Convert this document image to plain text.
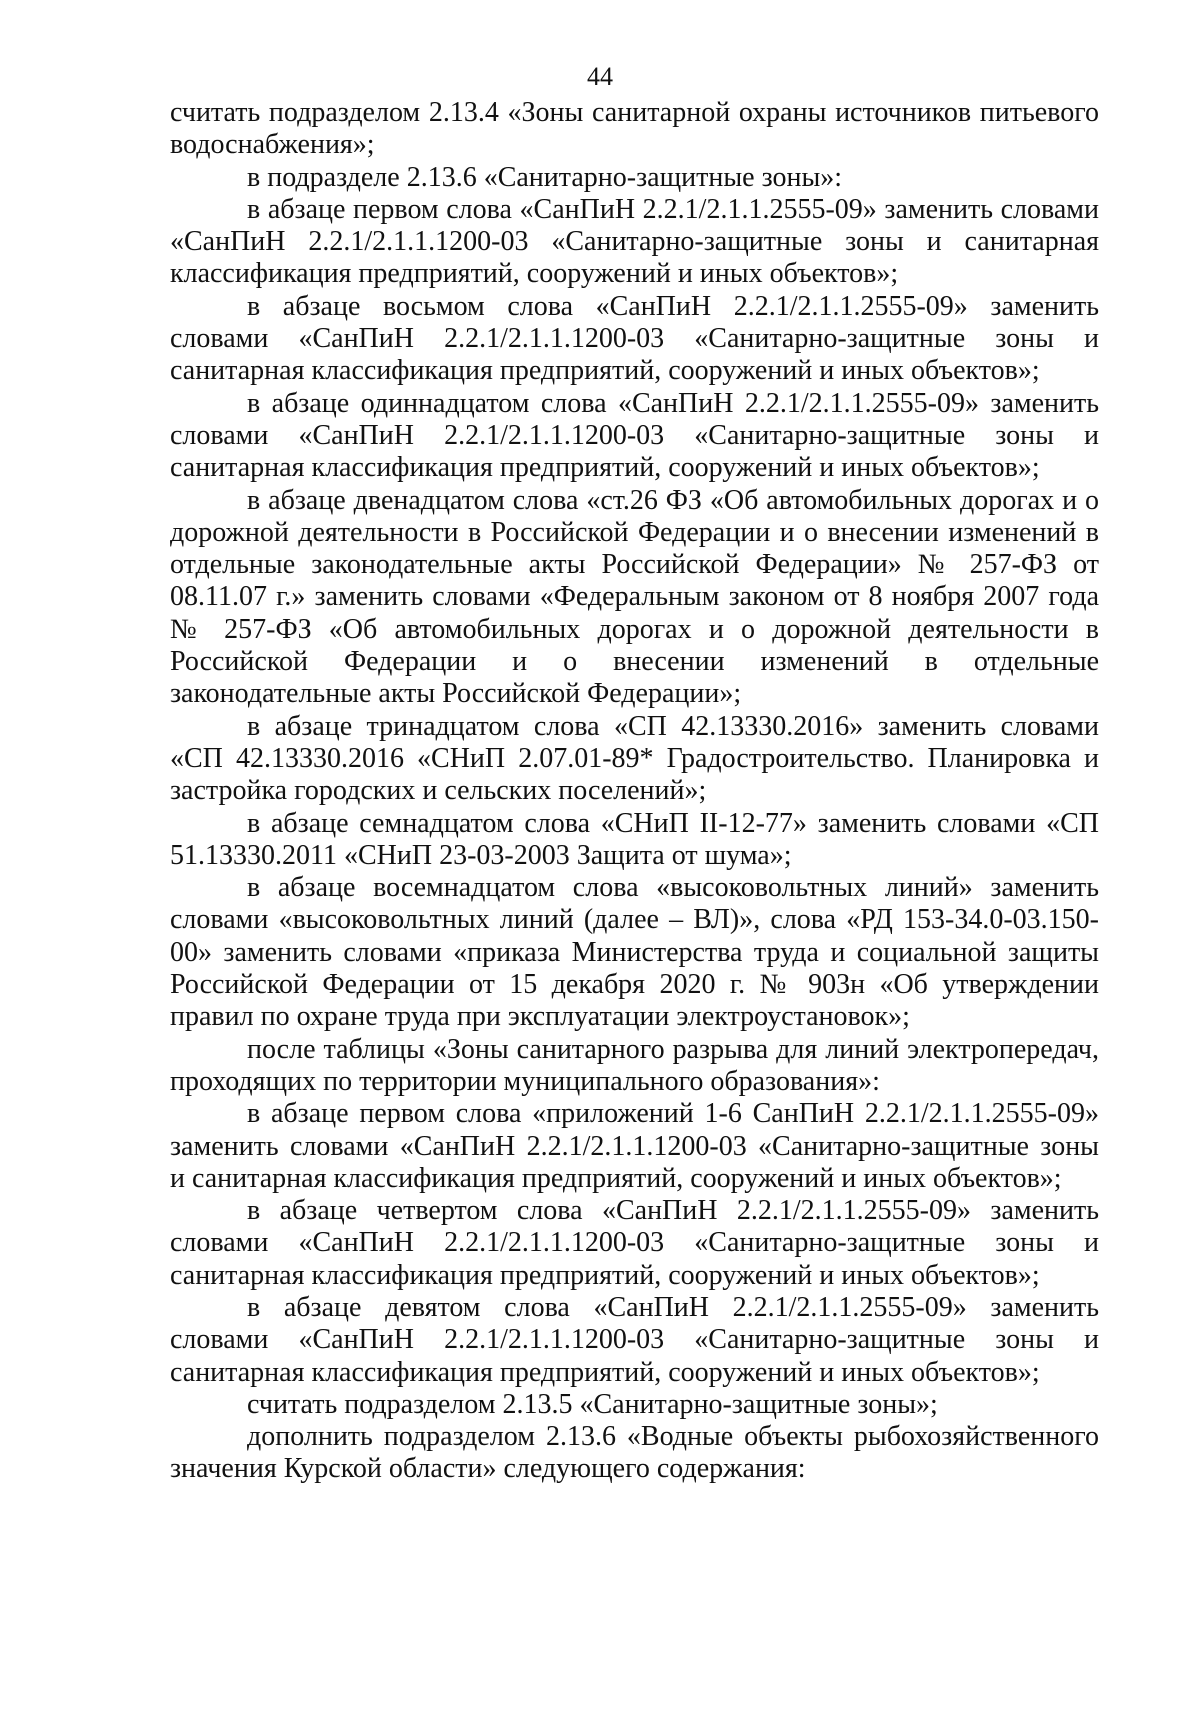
44

считать подразделом 2.13.4 «Зоны санитарной охраны источников питьевого водоснабжения»;

в подразделе 2.13.6 «Санитарно-защитные зоны»:

в абзаце первом слова «СанПиН 2.2.1/2.1.1.2555-09» заменить словами «СанПиН 2.2.1/2.1.1.1200-03 «Санитарно-защитные зоны и санитарная классификация предприятий, сооружений и иных объектов»;

в абзаце восьмом слова «СанПиН 2.2.1/2.1.1.2555-09» заменить словами «СанПиН 2.2.1/2.1.1.1200-03 «Санитарно-защитные зоны и санитарная классификация предприятий, сооружений и иных объектов»;

в абзаце одиннадцатом слова «СанПиН 2.2.1/2.1.1.2555-09» заменить словами «СанПиН 2.2.1/2.1.1.1200-03 «Санитарно-защитные зоны и санитарная классификация предприятий, сооружений и иных объектов»;

в абзаце двенадцатом слова «ст.26 ФЗ «Об автомобильных дорогах и о дорожной деятельности в Российской Федерации и о внесении изменений в отдельные законодательные акты Российской Федерации» № 257-ФЗ от 08.11.07 г.» заменить словами «Федеральным законом от 8 ноября 2007 года № 257-ФЗ «Об автомобильных дорогах и о дорожной деятельности в Российской Федерации и о внесении изменений в отдельные законодательные акты Российской Федерации»;

в абзаце тринадцатом слова «СП 42.13330.2016» заменить словами «СП 42.13330.2016 «СНиП 2.07.01-89* Градостроительство. Планировка и застройка городских и сельских поселений»;

в абзаце семнадцатом слова «СНиП II-12-77» заменить словами «СП 51.13330.2011 «СНиП 23-03-2003 Защита от шума»;

в абзаце восемнадцатом слова «высоковольтных линий» заменить словами «высоковольтных линий (далее – ВЛ)», слова «РД 153-34.0-03.150-00» заменить словами «приказа Министерства труда и социальной защиты Российской Федерации от 15 декабря 2020 г. № 903н «Об утверждении правил по охране труда при эксплуатации электроустановок»;

после таблицы «Зоны санитарного разрыва для линий электропередач, проходящих по территории муниципального образования»:

в абзаце первом слова «приложений 1-6 СанПиН 2.2.1/2.1.1.2555-09» заменить словами «СанПиН 2.2.1/2.1.1.1200-03 «Санитарно-защитные зоны и санитарная классификация предприятий, сооружений и иных объектов»;

в абзаце четвертом слова «СанПиН 2.2.1/2.1.1.2555-09» заменить словами «СанПиН 2.2.1/2.1.1.1200-03 «Санитарно-защитные зоны и санитарная классификация предприятий, сооружений и иных объектов»;

в абзаце девятом слова «СанПиН 2.2.1/2.1.1.2555-09» заменить словами «СанПиН 2.2.1/2.1.1.1200-03 «Санитарно-защитные зоны и санитарная классификация предприятий, сооружений и иных объектов»;

считать подразделом 2.13.5 «Санитарно-защитные зоны»;

дополнить подразделом 2.13.6 «Водные объекты рыбохозяйственного значения Курской области» следующего содержания:
